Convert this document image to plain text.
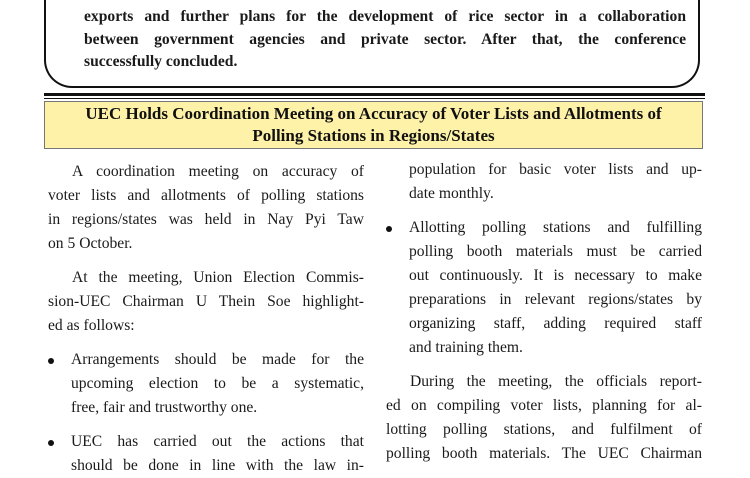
exports and further plans for the development of rice sector in a collaboration
between government agencies and private sector. After that, the conference
successfully concluded.
UEC Holds Coordination Meeting on Accuracy of Voter Lists and Allotments of
Polling Stations in Regions/States
A coordination meeting on accuracy of
voter lists and allotments of polling stations
in regions/states was held in Nay Pyi Taw
on 5 October.
At the meeting, Union Election Commis-
sion-UEC Chairman U Thein Soe highlight-
ed as follows:
Arrangements should be made for the
upcoming election to be a systematic,
free, fair and trustworthy one.
UEC has carried out the actions that
should be done in line with the law in-
population for basic voter lists and up-
date monthly.
Allotting polling stations and fulfilling
polling booth materials must be carried
out continuously. It is necessary to make
preparations in relevant regions/states by
organizing staff, adding required staff
and training them.
During the meeting, the officials report-
ed on compiling voter lists, planning for al-
lotting polling stations, and fulfilment of
polling booth materials. The UEC Chairman
